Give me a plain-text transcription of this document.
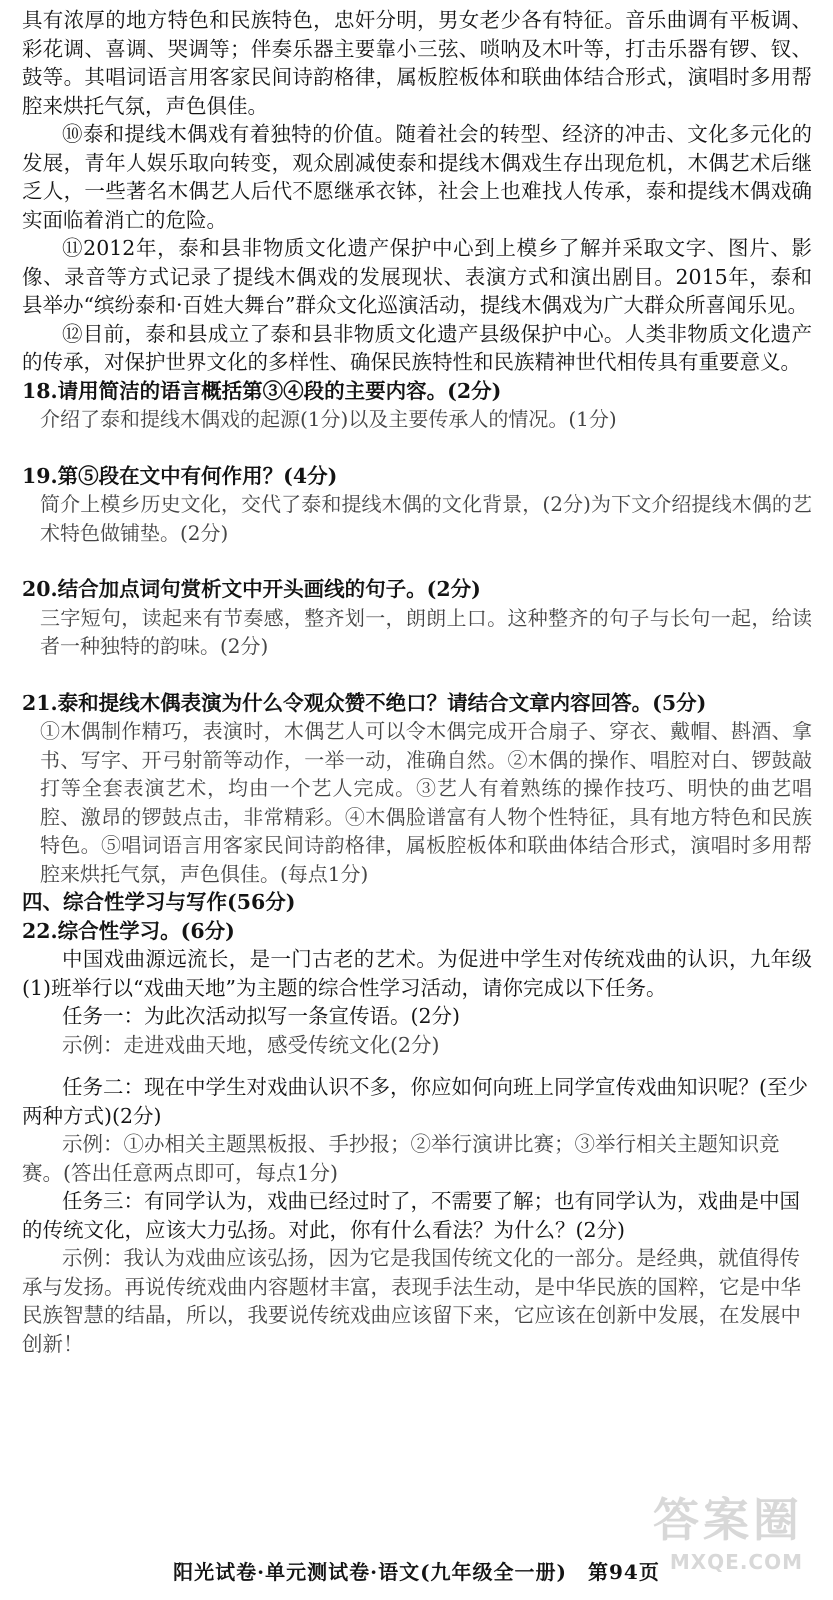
具有浓厚的地方特色和民族特色，忠奸分明，男女老少各有特征。音乐曲调有平板调、彩花调、喜调、哭调等；伴奏乐器主要靠小三弦、唢呐及木叶等，打击乐器有锣、钗、鼓等。其唱词语言用客家民间诗韵格律，属板腔板体和联曲体结合形式，演唱时多用帮腔来烘托气氛，声色俱佳。

⑩泰和提线木偶戏有着独特的价值。随着社会的转型、经济的冲击、文化多元化的发展，青年人娱乐取向转变，观众剧减使泰和提线木偶戏生存出现危机，木偶艺术后继乏人，一些著名木偶艺人后代不愿继承衣钵，社会上也难找人传承，泰和提线木偶戏确实面临着消亡的危险。

⑪2012年，泰和县非物质文化遗产保护中心到上模乡了解并采取文字、图片、影像、录音等方式记录了提线木偶戏的发展现状、表演方式和演出剧目。2015年，泰和县举办“缤纷泰和·百姓大舞台”群众文化巡演活动，提线木偶戏为广大群众所喜闻乐见。

⑫目前，泰和县成立了泰和县非物质文化遗产县级保护中心。人类非物质文化遗产的传承，对保护世界文化的多样性、确保民族特性和民族精神世代相传具有重要意义。

18.请用简洁的语言概括第③④段的主要内容。(2分)

介绍了泰和提线木偶戏的起源(1分)以及主要传承人的情况。(1分)

19.第⑤段在文中有何作用？(4分)

简介上模乡历史文化，交代了泰和提线木偶的文化背景，(2分)为下文介绍提线木偶的艺术特色做铺垫。(2分)

20.结合加点词句赏析文中开头画线的句子。(2分)

三字短句，读起来有节奏感，整齐划一，朗朗上口。这种整齐的句子与长句一起，给读者一种独特的韵味。(2分)

21.泰和提线木偶表演为什么令观众赞不绝口？请结合文章内容回答。(5分)

①木偶制作精巧，表演时，木偶艺人可以令木偶完成开合扇子、穿衣、戴帽、斟酒、拿书、写字、开弓射箭等动作，一举一动，准确自然。②木偶的操作、唱腔对白、锣鼓敲打等全套表演艺术，均由一个艺人完成。③艺人有着熟练的操作技巧、明快的曲艺唱腔、激昂的锣鼓点击，非常精彩。④木偶脸谱富有人物个性特征，具有地方特色和民族特色。⑤唱词语言用客家民间诗韵格律，属板腔板体和联曲体结合形式，演唱时多用帮腔来烘托气氛，声色俱佳。(每点1分)

四、综合性学习与写作(56分)

22.综合性学习。(6分)

中国戏曲源远流长，是一门古老的艺术。为促进中学生对传统戏曲的认识，九年级(1)班举行以“戏曲天地”为主题的综合性学习活动，请你完成以下任务。

任务一：为此次活动拟写一条宣传语。(2分)

示例：走进戏曲天地，感受传统文化(2分)

任务二：现在中学生对戏曲认识不多，你应如何向班上同学宣传戏曲知识呢？(至少两种方式)(2分)

示例：①办相关主题黑板报、手抄报；②举行演讲比赛；③举行相关主题知识竞赛。(答出任意两点即可，每点1分)

任务三：有同学认为，戏曲已经过时了，不需要了解；也有同学认为，戏曲是中国的传统文化，应该大力弘扬。对此，你有什么看法？为什么？(2分)

示例：我认为戏曲应该弘扬，因为它是我国传统文化的一部分。是经典，就值得传承与发扬。再说传统戏曲内容题材丰富，表现手法生动，是中华民族的国粹，它是中华民族智慧的结晶，所以，我要说传统戏曲应该留下来，它应该在创新中发展，在发展中创新！

阳光试卷·单元测试卷·语文(九年级全一册)　第94页
答案圈
MXQE.COM
